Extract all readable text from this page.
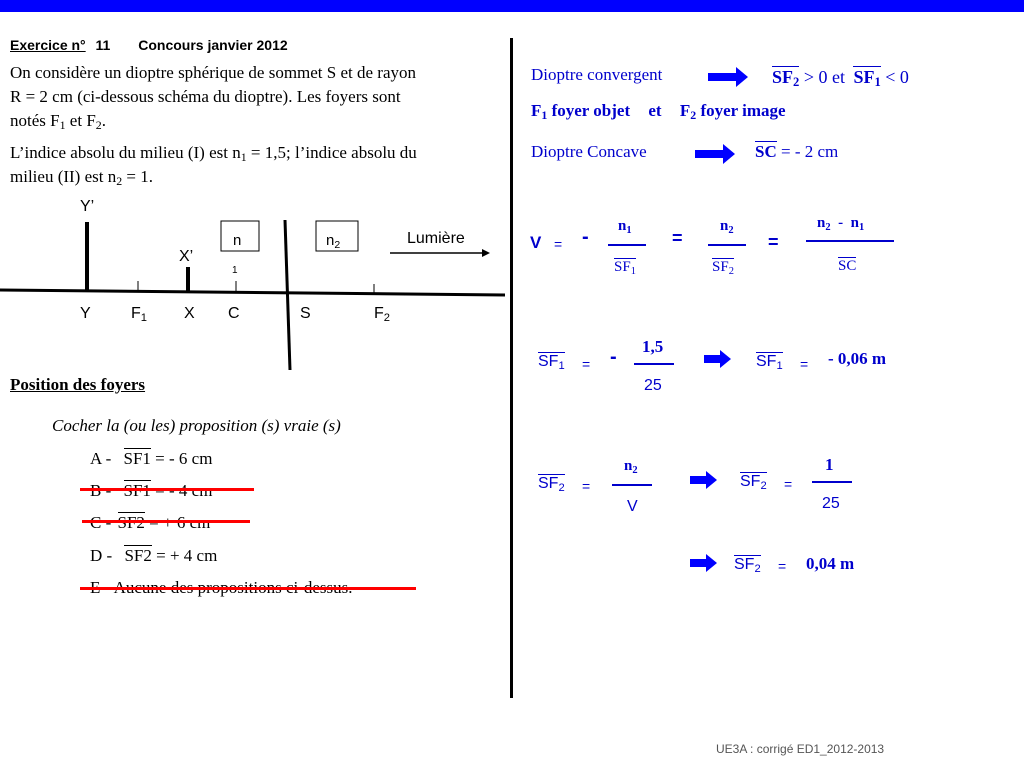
Exercice n° 11 Concours janvier 2012
On considère un dioptre sphérique de sommet S et de rayon
R = 2 cm (ci-dessous schéma du dioptre). Les foyers sont
notés $F_1$ et $F_2$.
L’indice absolu du milieu (I) est $n_1 = 1,5$; l’indice absolu du
milieu (II) est $n_2 = 1$.
Y’
X’
n
1
$n_2$	Lumière
Y	$F_1$ X C	S	$F_2$
Position des foyers
Cocher la (ou les) proposition (s) vraie (s)
A - SF1 = - 6 cm
D - SF2 = + 4 cm
Dioptre convergent	$SF_2 > 0$ et $SF_1 < 0$
$F_1$ foyer objet et $F_2$ foyer image
Dioptre Concave	SC = - 2 cm
V = - $n_1$
$SF_1$
=
$n_2$
$SF_2$
=
$n_2 - n_1$
SC
$SF_1$ = - 1,5
25
$SF_1$ = - 0,06 m
$SF_2$ =
$n_2$
V
$SF_2$ =
1
25
$SF_2 = 0,04$ m
UE3A : corrigé ED1_2012-2013
